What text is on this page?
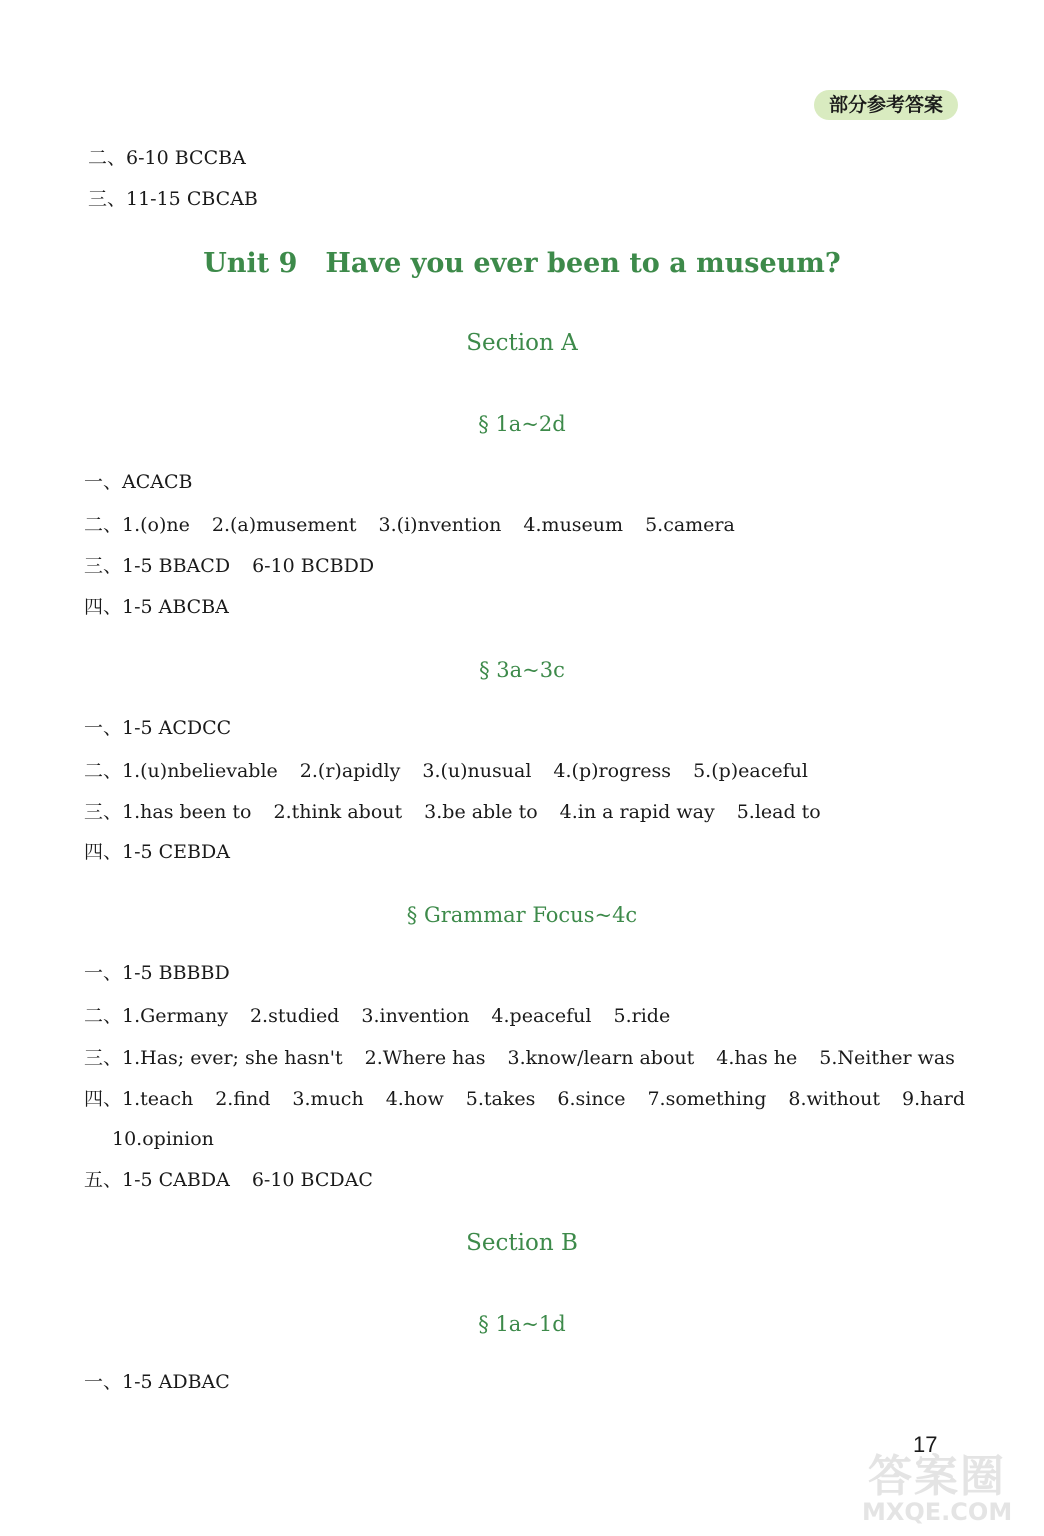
部分参考答案
二、6-10 BCCBA
三、11-15 CBCAB
Unit 9 Have you ever been to a museum?
Section A
§ 1a~2d
一、ACACB
二、1.(o)ne 2.(a)musement 3.(i)nvention 4.museum 5.camera
三、1-5 BBACD 6-10 BCBDD
四、1-5 ABCBA
§ 3a~3c
一、1-5 ACDCC
二、1.(u)nbelievable 2.(r)apidly 3.(u)nusual 4.(p)rogress 5.(p)eaceful
三、1.has been to 2.think about 3.be able to 4.in a rapid way 5.lead to
四、1-5 CEBDA
§ Grammar Focus~4c
一、1-5 BBBBD
二、1.Germany 2.studied 3.invention 4.peaceful 5.ride
三、1.Has; ever; she hasn't 2.Where has 3.know/learn about 4.has he 5.Neither was
四、1.teach 2.find 3.much 4.how 5.takes 6.since 7.something 8.without 9.hard
10.opinion
五、1-5 CABDA 6-10 BCDAC
Section B
§ 1a~1d
一、1-5 ADBAC
17
答案圈
MXQE.COM
